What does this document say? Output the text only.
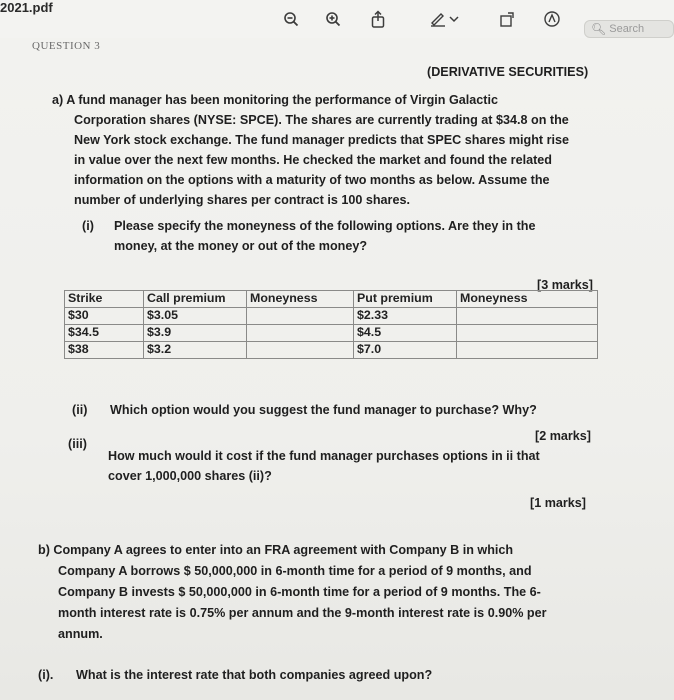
2021.pdf
🔍︎ Search
QUESTION 3
(DERIVATIVE SECURITIES)
a) A fund manager has been monitoring the performance of Virgin Galactic
Corporation shares (NYSE: SPCE). The shares are currently trading at $34.8 on the
New York stock exchange. The fund manager predicts that SPEC shares might rise
in value over the next few months. He checked the market and found the related
information on the options with a maturity of two months as below. Assume the
number of underlying shares per contract is 100 shares.
(i) Please specify the moneyness of the following options. Are they in the
money, at the money or out of the money?
[3 marks]
Strike	Call premium	Moneyness	Put premium	Moneyness
$30	$3.05		$2.33	
$34.5	$3.9		$4.5	
$38	$3.2		$7.0	
(ii) Which option would you suggest the fund manager to purchase? Why?
[2 marks]
(iii)
How much would it cost if the fund manager purchases options in ii that
cover 1,000,000 shares (ii)?
[1 marks]
b) Company A agrees to enter into an FRA agreement with Company B in which
Company A borrows $ 50,000,000 in 6-month time for a period of 9 months, and
Company B invests $ 50,000,000 in 6-month time for a period of 9 months. The 6-
month interest rate is 0.75% per annum and the 9-month interest rate is 0.90% per
annum.
(i). What is the interest rate that both companies agreed upon?
